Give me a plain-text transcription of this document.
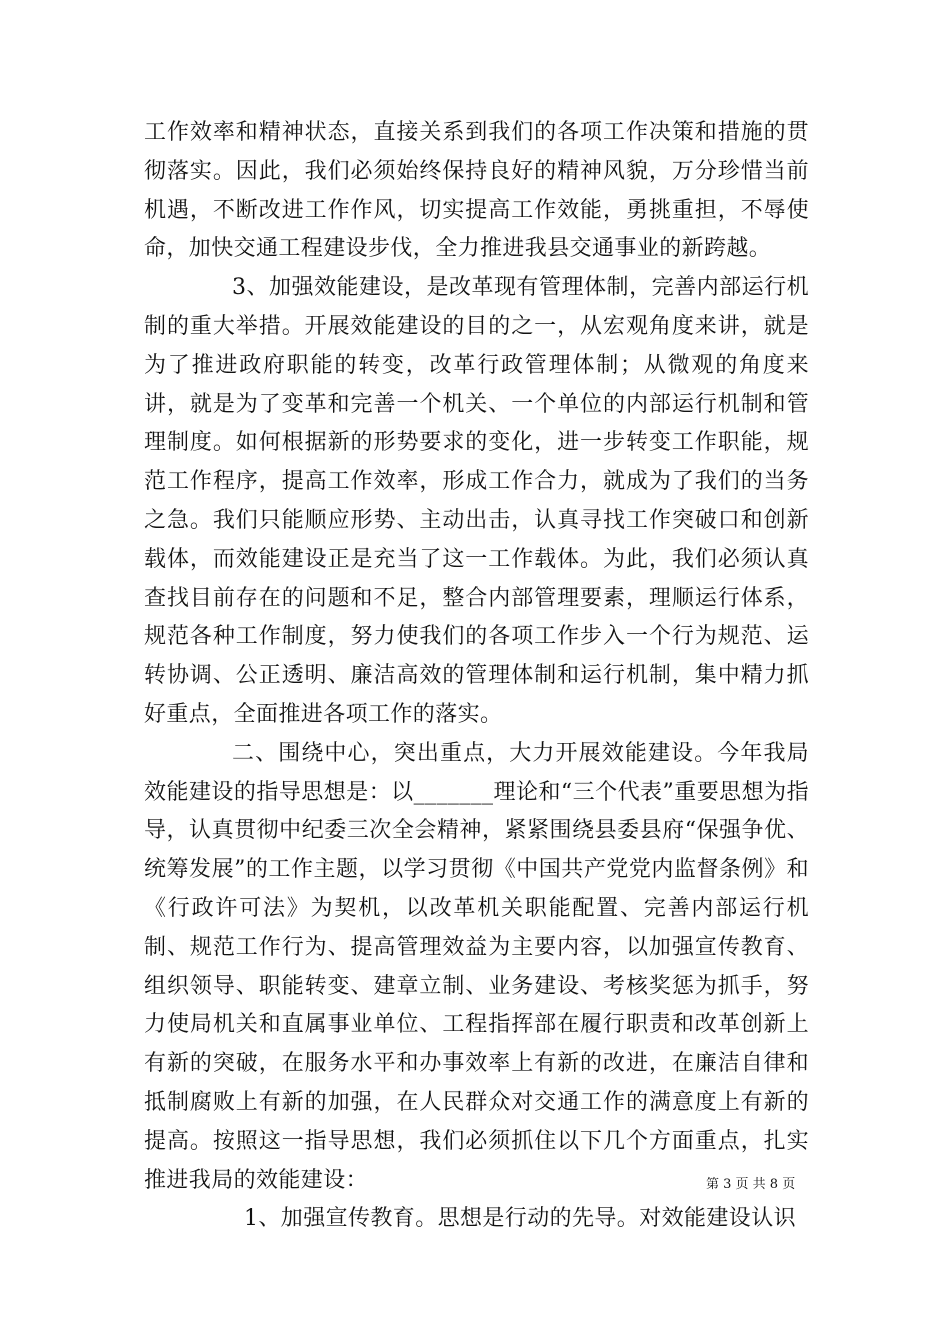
工作效率和精神状态，直接关系到我们的各项工作决策和措施的贯彻落实。因此，我们必须始终保持良好的精神风貌，万分珍惜当前机遇，不断改进工作作风，切实提高工作效能，勇挑重担，不辱使命，加快交通工程建设步伐，全力推进我县交通事业的新跨越。

3、加强效能建设，是改革现有管理体制，完善内部运行机制的重大举措。开展效能建设的目的之一，从宏观角度来讲，就是为了推进政府职能的转变，改革行政管理体制；从微观的角度来讲，就是为了变革和完善一个机关、一个单位的内部运行机制和管理制度。如何根据新的形势要求的变化，进一步转变工作职能，规范工作程序，提高工作效率，形成工作合力，就成为了我们的当务之急。我们只能顺应形势、主动出击，认真寻找工作突破口和创新载体，而效能建设正是充当了这一工作载体。为此，我们必须认真查找目前存在的问题和不足，整合内部管理要素，理顺运行体系，规范各种工作制度，努力使我们的各项工作步入一个行为规范、运转协调、公正透明、廉洁高效的管理体制和运行机制，集中精力抓好重点，全面推进各项工作的落实。

二、围绕中心，突出重点，大力开展效能建设。今年我局效能建设的指导思想是：以_______理论和“三个代表”重要思想为指导，认真贯彻中纪委三次全会精神，紧紧围绕县委县府“保强争优、统筹发展”的工作主题，以学习贯彻《中国共产党党内监督条例》和《行政许可法》为契机，以改革机关职能配置、完善内部运行机制、规范工作行为、提高管理效益为主要内容，以加强宣传教育、组织领导、职能转变、建章立制、业务建设、考核奖惩为抓手，努力使局机关和直属事业单位、工程指挥部在履行职责和改革创新上有新的突破，在服务水平和办事效率上有新的改进，在廉洁自律和抵制腐败上有新的加强，在人民群众对交通工作的满意度上有新的提高。按照这一指导思想，我们必须抓住以下几个方面重点，扎实推进我局的效能建设：

1、加强宣传教育。思想是行动的先导。对效能建设认识

第 3 页 共 8 页
